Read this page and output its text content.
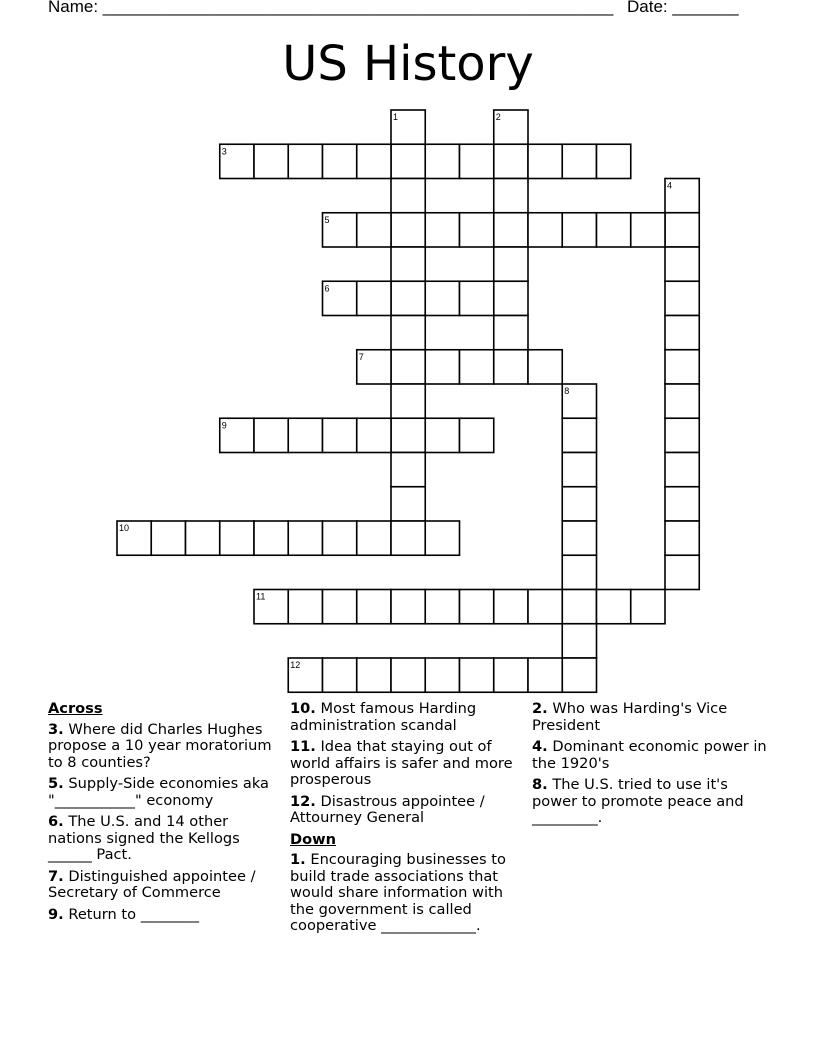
Name: ______________________________________________________ Date: _______
US History
1	2
3
4
5
6
7
8
9
10
11
12
Across
3. Where did Charles Hughes propose a 10 year moratorium to 8 counties?
5. Supply-Side economies aka "___________" economy
6. The U.S. and 14 other nations signed the Kellogs ______ Pact.
7. Distinguished appointee / Secretary of Commerce
9. Return to ________
10. Most famous Harding administration scandal
11. Idea that staying out of world affairs is safer and more prosperous
12. Disastrous appointee / Attourney General
Down
1. Encouraging businesses to build trade associations that would share information with the government is called cooperative _____________.
2. Who was Harding's Vice President
4. Dominant economic power in the 1920's
8. The U.S. tried to use it's power to promote peace and _________.
